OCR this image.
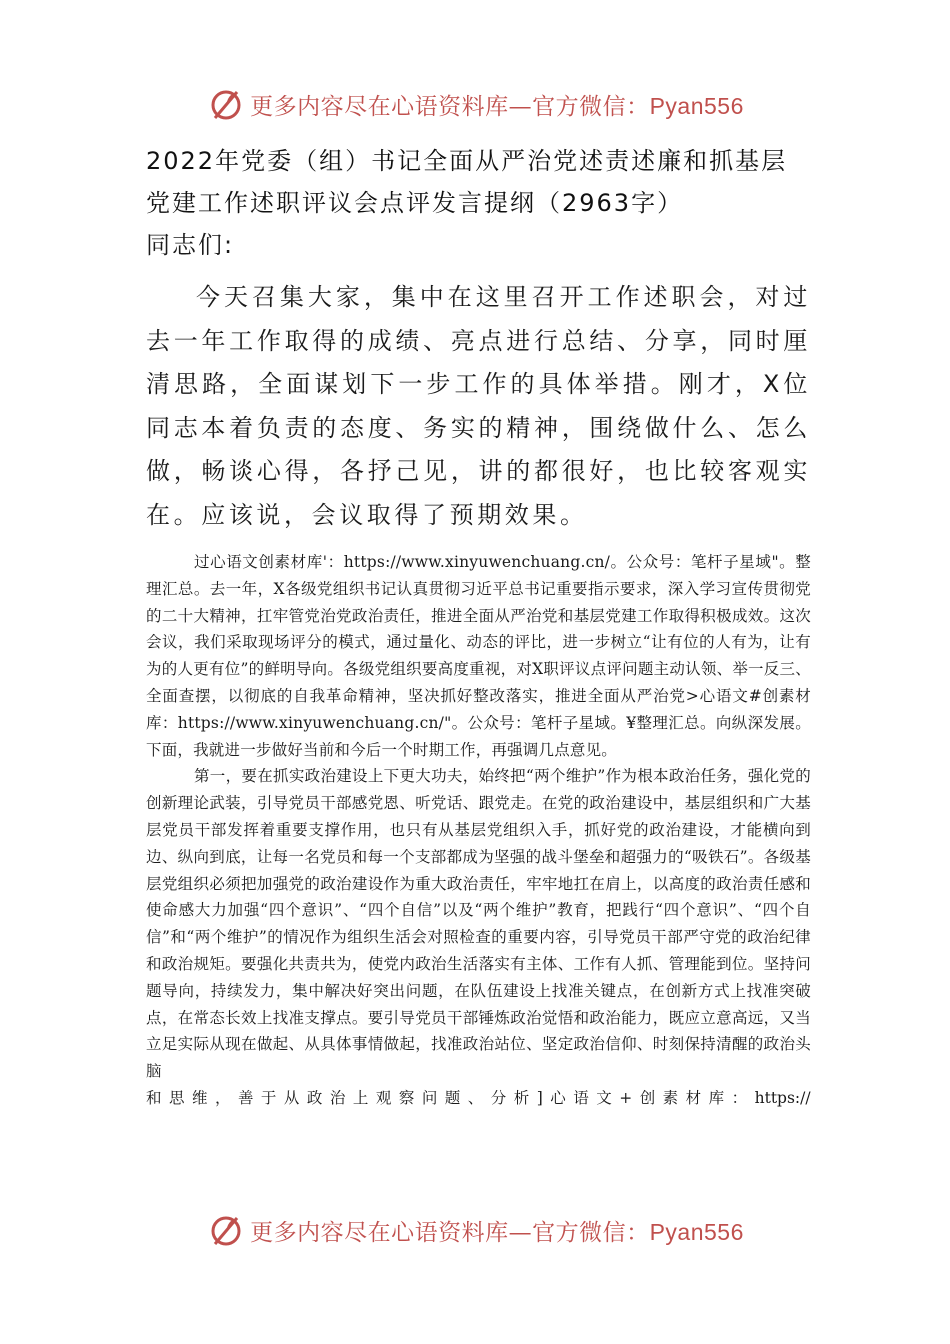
更多内容尽在心语资料库—官方微信：Pyan556
2022年党委（组）书记全面从严治党述责述廉和抓基层党建工作述职评议会点评发言提纲（2963字）

同志们:

今天召集大家，集中在这里召开工作述职会，对过去一年工作取得的成绩、亮点进行总结、分享，同时厘清思路，全面谋划下一步工作的具体举措。刚才，X位同志本着负责的态度、务实的精神，围绕做什么、怎么做，畅谈心得，各抒己见，讲的都很好，也比较客观实在。应该说，会议取得了预期效果。

过心语文创素材库'：https://www.xinyuwenchuang.cn/。公众号：笔杆子星域"。整理汇总。去一年，X各级党组织书记认真贯彻习近平总书记重要指示要求，深入学习宣传贯彻党的二十大精神，扛牢管党治党政治责任，推进全面从严治党和基层党建工作取得积极成效。这次会议，我们采取现场评分的模式，通过量化、动态的评比，进一步树立“让有位的人有为，让有为的人更有位”的鲜明导向。各级党组织要高度重视，对X职评议点评问题主动认领、举一反三、全面查摆，以彻底的自我革命精神，坚决抓好整改落实，推进全面从严治党>心语文#创素材库：https://www.xinyuwenchuang.cn/"。公众号：笔杆子星域。¥整理汇总。向纵深发展。下面，我就进一步做好当前和今后一个时期工作，再强调几点意见。

第一，要在抓实政治建设上下更大功夫，始终把“两个维护”作为根本政治任务，强化党的创新理论武装，引导党员干部感党恩、听党话、跟党走。在党的政治建设中，基层组织和广大基层党员干部发挥着重要支撑作用，也只有从基层党组织入手，抓好党的政治建设，才能横向到边、纵向到底，让每一名党员和每一个支部都成为坚强的战斗堡垒和超强力的“吸铁石”。各级基层党组织必须把加强党的政治建设作为重大政治责任，牢牢地扛在肩上，以高度的政治责任感和使命感大力加强“四个意识”、“四个自信”以及“两个维护”教育，把践行“四个意识”、“四个自信”和“两个维护”的情况作为组织生活会对照检查的重要内容，引导党员干部严守党的政治纪律和政治规矩。要强化共责共为，使党内政治生活落实有主体、工作有人抓、管理能到位。坚持问题导向，持续发力，集中解决好突出问题，在队伍建设上找准关键点，在创新方式上找准突破点，在常态长效上找准支撑点。要引导党员干部锤炼政治觉悟和政治能力，既应立意高远，又当立足实际从现在做起、从具体事情做起，找准政治站位、坚定政治信仰、时刻保持清醒的政治头脑

和 思 维 ， 善 于 从 政 治 上 观 察 问 题 、 分 析 ] 心 语 文 + 创 素 材 库 ： https://
更多内容尽在心语资料库—官方微信：Pyan556
